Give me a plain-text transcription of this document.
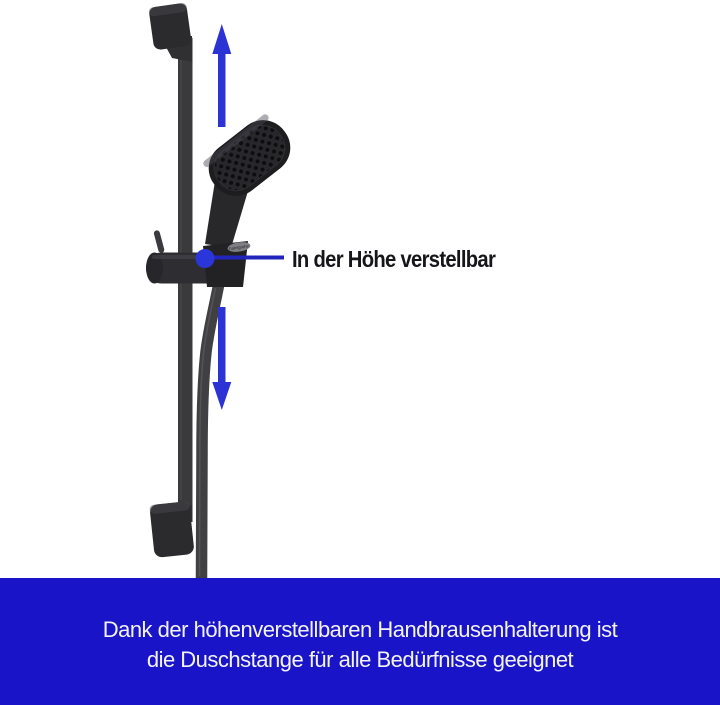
hansgrohe In der Höhe verstellbar
Dank der höhenverstellbaren Handbrausenhalterung ist
die Duschstange für alle Bedürfnisse geeignet
